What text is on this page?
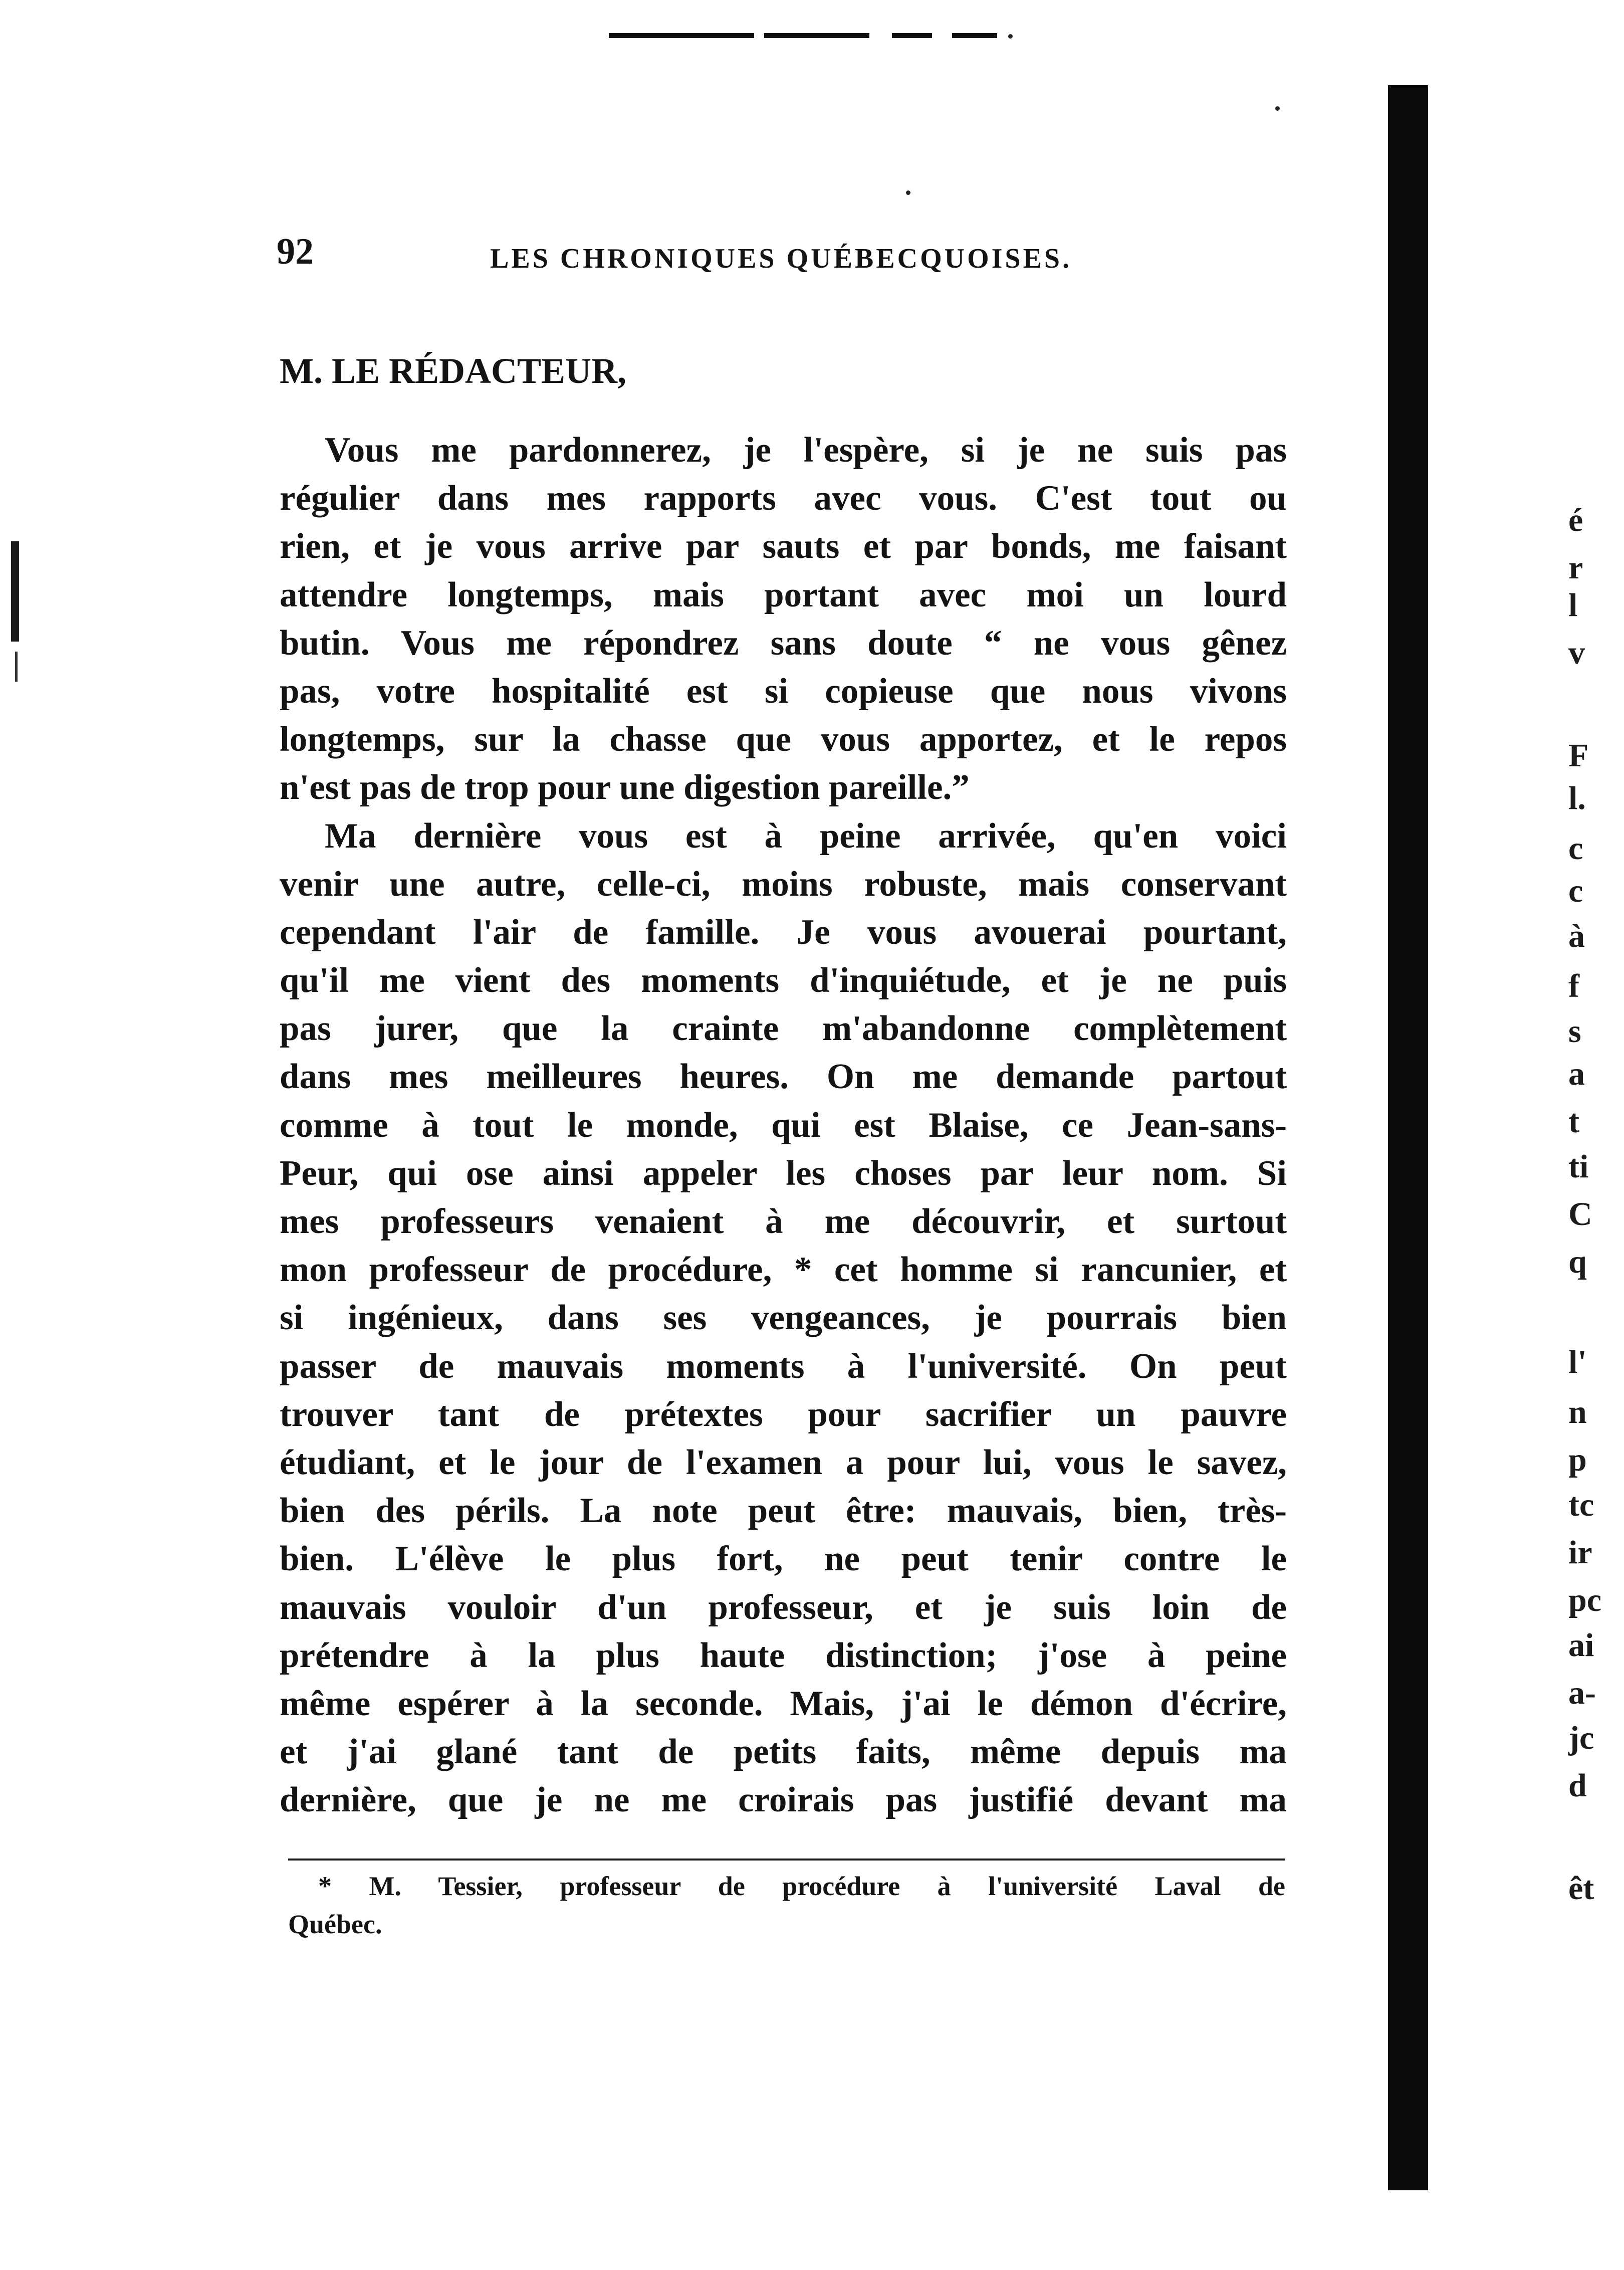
92	LES CHRONIQUES QUÉBECQUOISES.
M. LE RÉDACTEUR,
Vous me pardonnerez, je l'espère, si je ne suis pas
régulier dans mes rapports avec vous. C'est tout ou
rien, et je vous arrive par sauts et par bonds, me faisant
attendre longtemps, mais portant avec moi un lourd
butin. Vous me répondrez sans doute “ ne vous gênez
pas, votre hospitalité est si copieuse que nous vivons
longtemps, sur la chasse que vous apportez, et le repos
n'est pas de trop pour une digestion pareille.”
Ma dernière vous est à peine arrivée, qu'en voici
venir une autre, celle-ci, moins robuste, mais conservant
cependant l'air de famille. Je vous avouerai pourtant,
qu'il me vient des moments d'inquiétude, et je ne puis
pas jurer, que la crainte m'abandonne complètement
dans mes meilleures heures. On me demande partout
comme à tout le monde, qui est Blaise, ce Jean-sans-
Peur, qui ose ainsi appeler les choses par leur nom. Si
mes professeurs venaient à me découvrir, et surtout
mon professeur de procédure, * cet homme si rancunier, et
si ingénieux, dans ses vengeances, je pourrais bien
passer de mauvais moments à l'université. On peut
trouver tant de prétextes pour sacrifier un pauvre
étudiant, et le jour de l'examen a pour lui, vous le savez,
bien des périls. La note peut être: mauvais, bien, très-
bien. L'élève le plus fort, ne peut tenir contre le
mauvais vouloir d'un professeur, et je suis loin de
prétendre à la plus haute distinction; j'ose à peine
même espérer à la seconde. Mais, j'ai le démon d'écrire,
et j'ai glané tant de petits faits, même depuis ma
dernière, que je ne me croirais pas justifié devant ma
* M. Tessier, professeur de procédure à l'université Laval de
Québec.
é
r
l
v
F
l.
c
c
à
f
s
a
t
ti
C
q
l'
n
p
tc
ir
pc
ai
a-
jc
d
êt
